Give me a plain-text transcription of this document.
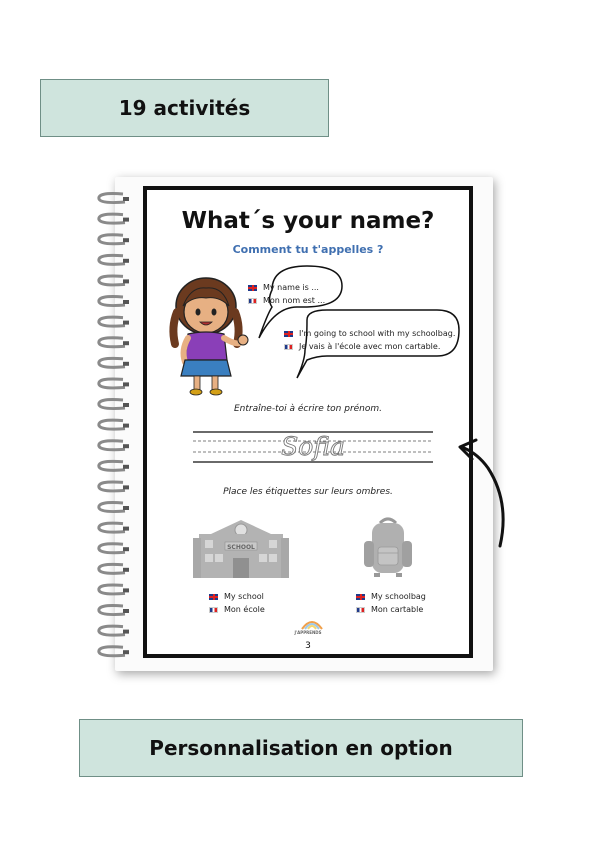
19 activités
What´s your name?
Comment tu t'appelles ?
My name is ...
Mon nom est ...
I'm going to school with my schoolbag.
Je vais à l'école avec mon cartable.
Entraîne-toi à écrire ton prénom.
Sofia
Place les étiquettes sur leurs ombres.
SCHOOL
My school
Mon école
My schoolbag
Mon cartable
J'APPRENDS
3
Personnalisation en option
